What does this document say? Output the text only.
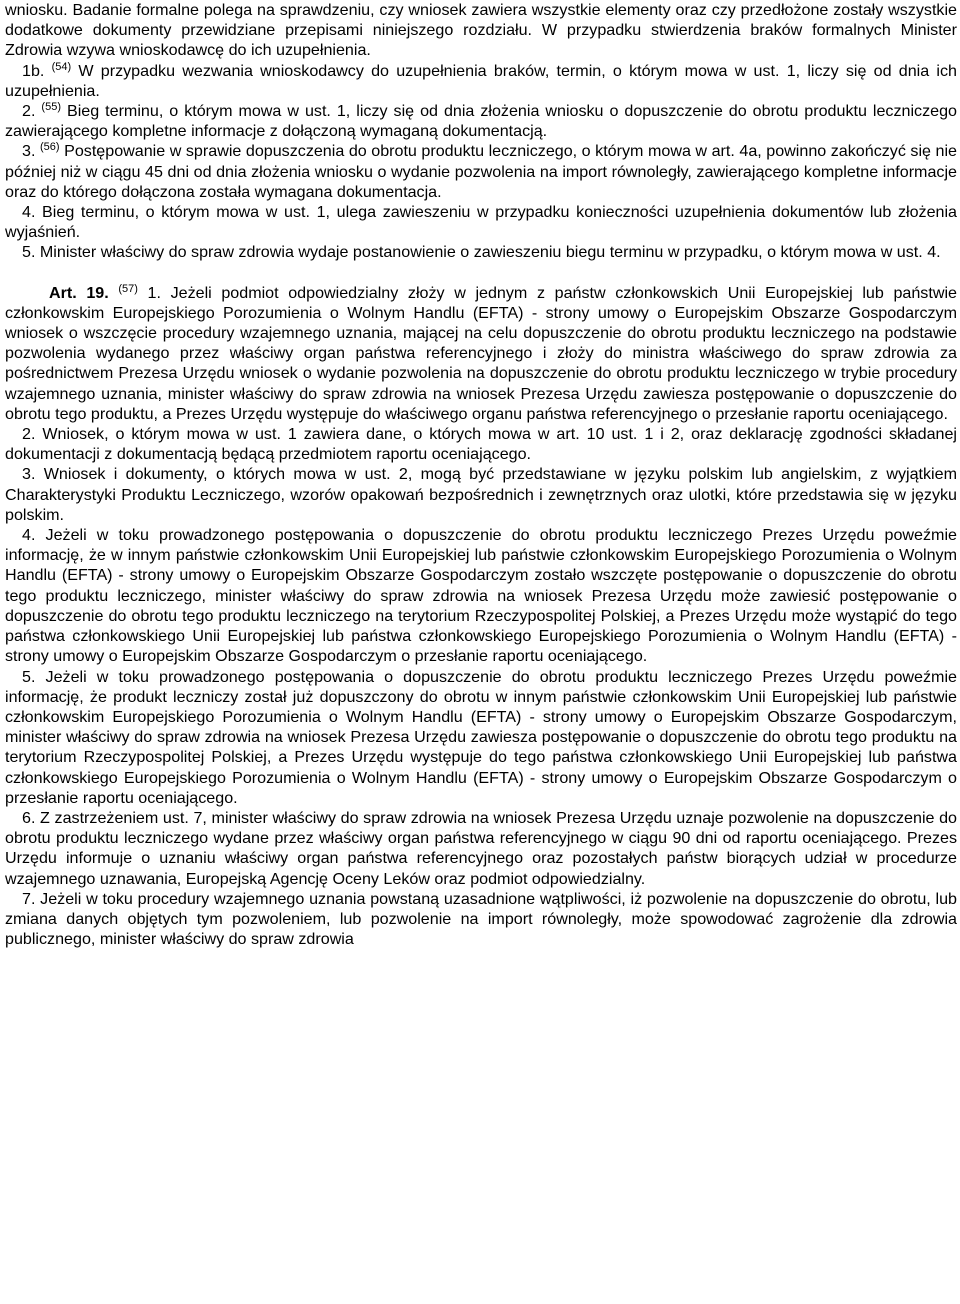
wniosku. Badanie formalne polega na sprawdzeniu, czy wniosek zawiera wszystkie elementy oraz czy przedłożone zostały wszystkie dodatkowe dokumenty przewidziane przepisami niniejszego rozdziału. W przypadku stwierdzenia braków formalnych Minister Zdrowia wzywa wnioskodawcę do ich uzupełnienia.

1b. $^{(54)}$ W przypadku wezwania wnioskodawcy do uzupełnienia braków, termin, o którym mowa w ust. 1, liczy się od dnia ich uzupełnienia.

2. $^{(55)}$ Bieg terminu, o którym mowa w ust. 1, liczy się od dnia złożenia wniosku o dopuszczenie do obrotu produktu leczniczego zawierającego kompletne informacje z dołączoną wymaganą dokumentacją.

3. $^{(56)}$ Postępowanie w sprawie dopuszczenia do obrotu produktu leczniczego, o którym mowa w art. 4a, powinno zakończyć się nie później niż w ciągu 45 dni od dnia złożenia wniosku o wydanie pozwolenia na import równoległy, zawierającego kompletne informacje oraz do którego dołączona została wymagana dokumentacja.

4. Bieg terminu, o którym mowa w ust. 1, ulega zawieszeniu w przypadku konieczności uzupełnienia dokumentów lub złożenia wyjaśnień.

5. Minister właściwy do spraw zdrowia wydaje postanowienie o zawieszeniu biegu terminu w przypadku, o którym mowa w ust. 4.

Art. 19. $^{(57)}$ 1. Jeżeli podmiot odpowiedzialny złoży w jednym z państw członkowskich Unii Europejskiej lub państwie członkowskim Europejskiego Porozumienia o Wolnym Handlu (EFTA) - strony umowy o Europejskim Obszarze Gospodarczym wniosek o wszczęcie procedury wzajemnego uznania, mającej na celu dopuszczenie do obrotu produktu leczniczego na podstawie pozwolenia wydanego przez właściwy organ państwa referencyjnego i złoży do ministra właściwego do spraw zdrowia za pośrednictwem Prezesa Urzędu wniosek o wydanie pozwolenia na dopuszczenie do obrotu produktu leczniczego w trybie procedury wzajemnego uznania, minister właściwy do spraw zdrowia na wniosek Prezesa Urzędu zawiesza postępowanie o dopuszczenie do obrotu tego produktu, a Prezes Urzędu występuje do właściwego organu państwa referencyjnego o przesłanie raportu oceniającego.

2. Wniosek, o którym mowa w ust. 1 zawiera dane, o których mowa w art. 10 ust. 1 i 2, oraz deklarację zgodności składanej dokumentacji z dokumentacją będącą przedmiotem raportu oceniającego.

3. Wniosek i dokumenty, o których mowa w ust. 2, mogą być przedstawiane w języku polskim lub angielskim, z wyjątkiem Charakterystyki Produktu Leczniczego, wzorów opakowań bezpośrednich i zewnętrznych oraz ulotki, które przedstawia się w języku polskim.

4. Jeżeli w toku prowadzonego postępowania o dopuszczenie do obrotu produktu leczniczego Prezes Urzędu poweźmie informację, że w innym państwie członkowskim Unii Europejskiej lub państwie członkowskim Europejskiego Porozumienia o Wolnym Handlu (EFTA) - strony umowy o Europejskim Obszarze Gospodarczym zostało wszczęte postępowanie o dopuszczenie do obrotu tego produktu leczniczego, minister właściwy do spraw zdrowia na wniosek Prezesa Urzędu może zawiesić postępowanie o dopuszczenie do obrotu tego produktu leczniczego na terytorium Rzeczypospolitej Polskiej, a Prezes Urzędu może wystąpić do tego państwa członkowskiego Unii Europejskiej lub państwa członkowskiego Europejskiego Porozumienia o Wolnym Handlu (EFTA) - strony umowy o Europejskim Obszarze Gospodarczym o przesłanie raportu oceniającego.

5. Jeżeli w toku prowadzonego postępowania o dopuszczenie do obrotu produktu leczniczego Prezes Urzędu poweźmie informację, że produkt leczniczy został już dopuszczony do obrotu w innym państwie członkowskim Unii Europejskiej lub państwie członkowskim Europejskiego Porozumienia o Wolnym Handlu (EFTA) - strony umowy o Europejskim Obszarze Gospodarczym, minister właściwy do spraw zdrowia na wniosek Prezesa Urzędu zawiesza postępowanie o dopuszczenie do obrotu tego produktu na terytorium Rzeczypospolitej Polskiej, a Prezes Urzędu występuje do tego państwa członkowskiego Unii Europejskiej lub państwa członkowskiego Europejskiego Porozumienia o Wolnym Handlu (EFTA) - strony umowy o Europejskim Obszarze Gospodarczym o przesłanie raportu oceniającego.

6. Z zastrzeżeniem ust. 7, minister właściwy do spraw zdrowia na wniosek Prezesa Urzędu uznaje pozwolenie na dopuszczenie do obrotu produktu leczniczego wydane przez właściwy organ państwa referencyjnego w ciągu 90 dni od raportu oceniającego. Prezes Urzędu informuje o uznaniu właściwy organ państwa referencyjnego oraz pozostałych państw biorących udział w procedurze wzajemnego uznawania, Europejską Agencję Oceny Leków oraz podmiot odpowiedzialny.

7. Jeżeli w toku procedury wzajemnego uznania powstaną uzasadnione wątpliwości, iż pozwolenie na dopuszczenie do obrotu, lub zmiana danych objętych tym pozwoleniem, lub pozwolenie na import równoległy, może spowodować zagrożenie dla zdrowia publicznego, minister właściwy do spraw zdrowia
